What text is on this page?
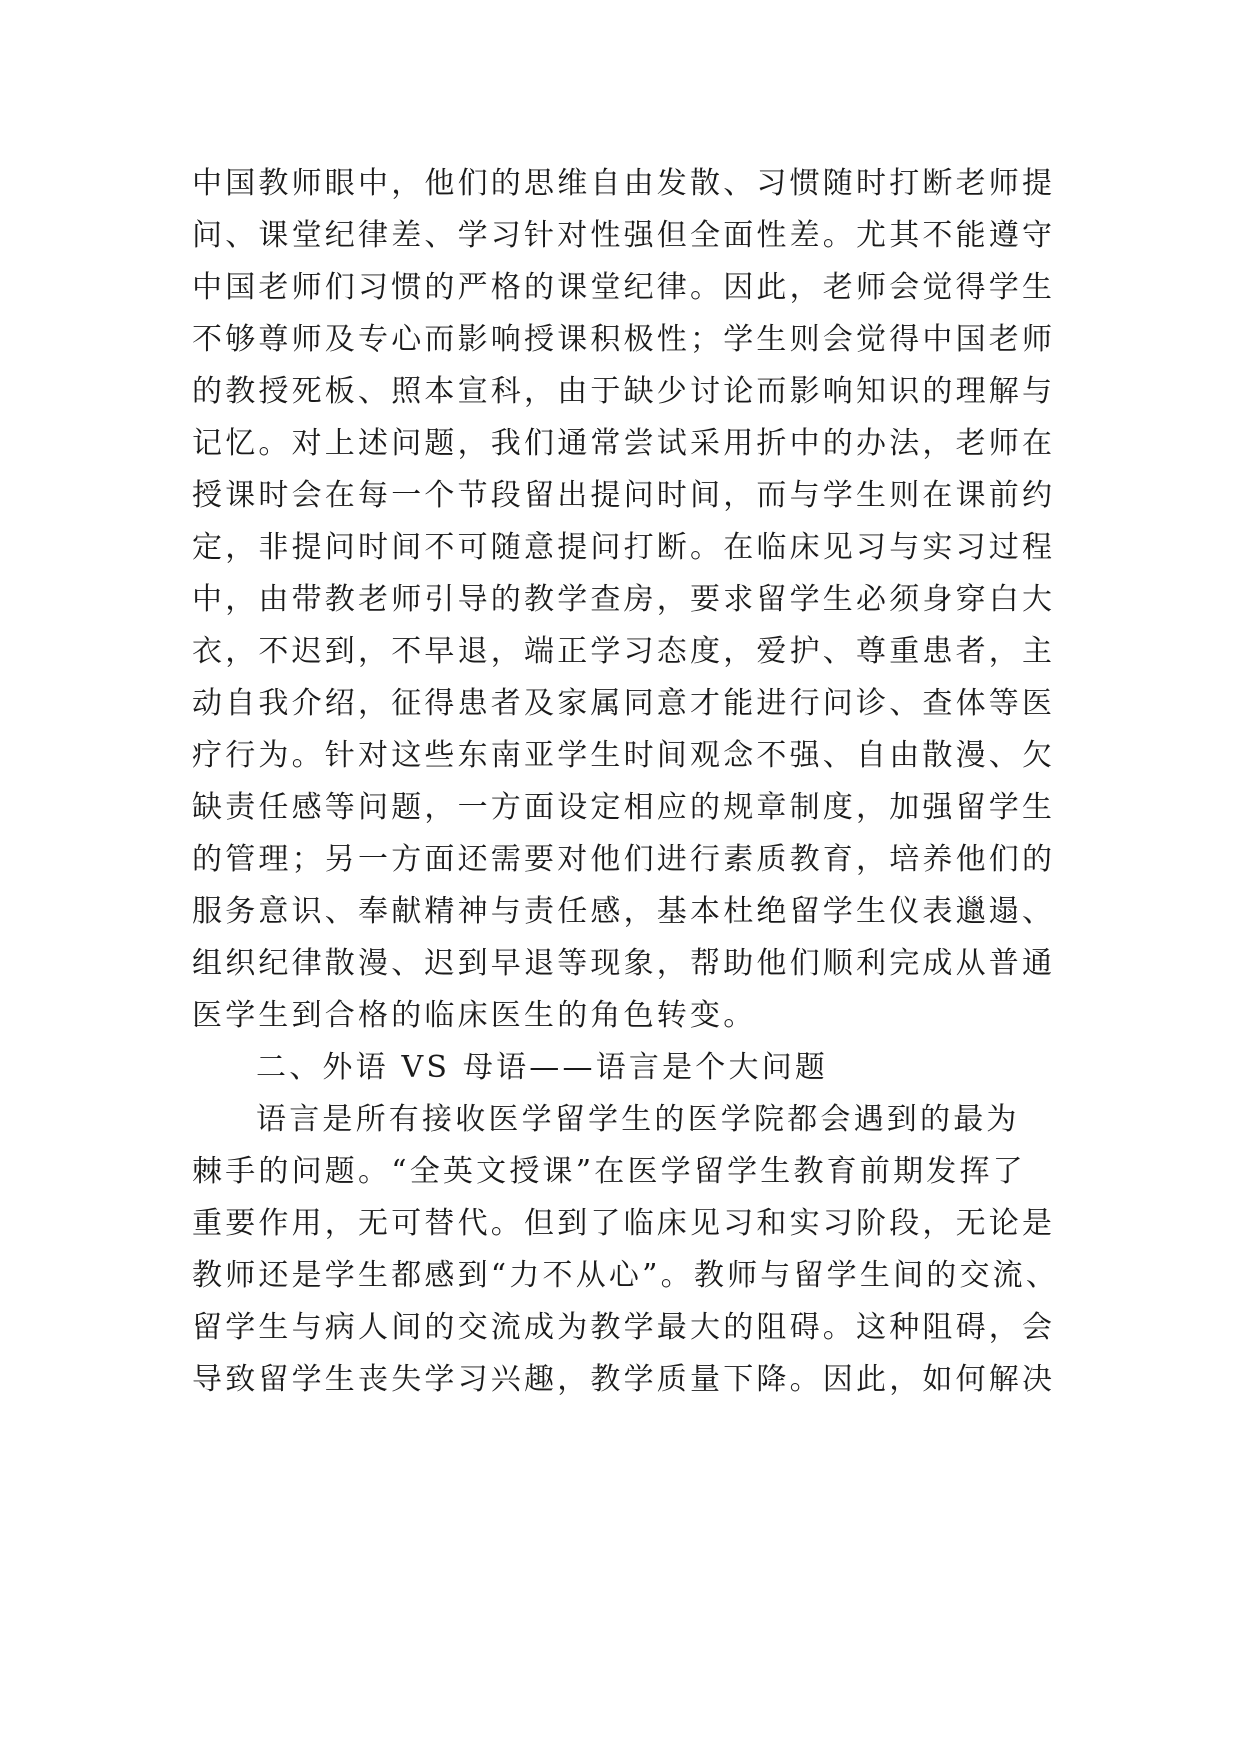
中国教师眼中，他们的思维自由发散、习惯随时打断老师提
问、课堂纪律差、学习针对性强但全面性差。尤其不能遵守
中国老师们习惯的严格的课堂纪律。因此，老师会觉得学生
不够尊师及专心而影响授课积极性；学生则会觉得中国老师
的教授死板、照本宣科，由于缺少讨论而影响知识的理解与
记忆。对上述问题，我们通常尝试采用折中的办法，老师在
授课时会在每一个节段留出提问时间，而与学生则在课前约
定，非提问时间不可随意提问打断。在临床见习与实习过程
中，由带教老师引导的教学查房，要求留学生必须身穿白大
衣，不迟到，不早退，端正学习态度，爱护、尊重患者，主
动自我介绍，征得患者及家属同意才能进行问诊、查体等医
疗行为。针对这些东南亚学生时间观念不强、自由散漫、欠
缺责任感等问题，一方面设定相应的规章制度，加强留学生
的管理；另一方面还需要对他们进行素质教育，培养他们的
服务意识、奉献精神与责任感，基本杜绝留学生仪表邋遢、
组织纪律散漫、迟到早退等现象，帮助他们顺利完成从普通
医学生到合格的临床医生的角色转变。
二、外语 VS 母语——语言是个大问题
语言是所有接收医学留学生的医学院都会遇到的最为
棘手的问题。“全英文授课”在医学留学生教育前期发挥了
重要作用，无可替代。但到了临床见习和实习阶段，无论是
教师还是学生都感到“力不从心”。教师与留学生间的交流、
留学生与病人间的交流成为教学最大的阻碍。这种阻碍，会
导致留学生丧失学习兴趣，教学质量下降。因此，如何解决
